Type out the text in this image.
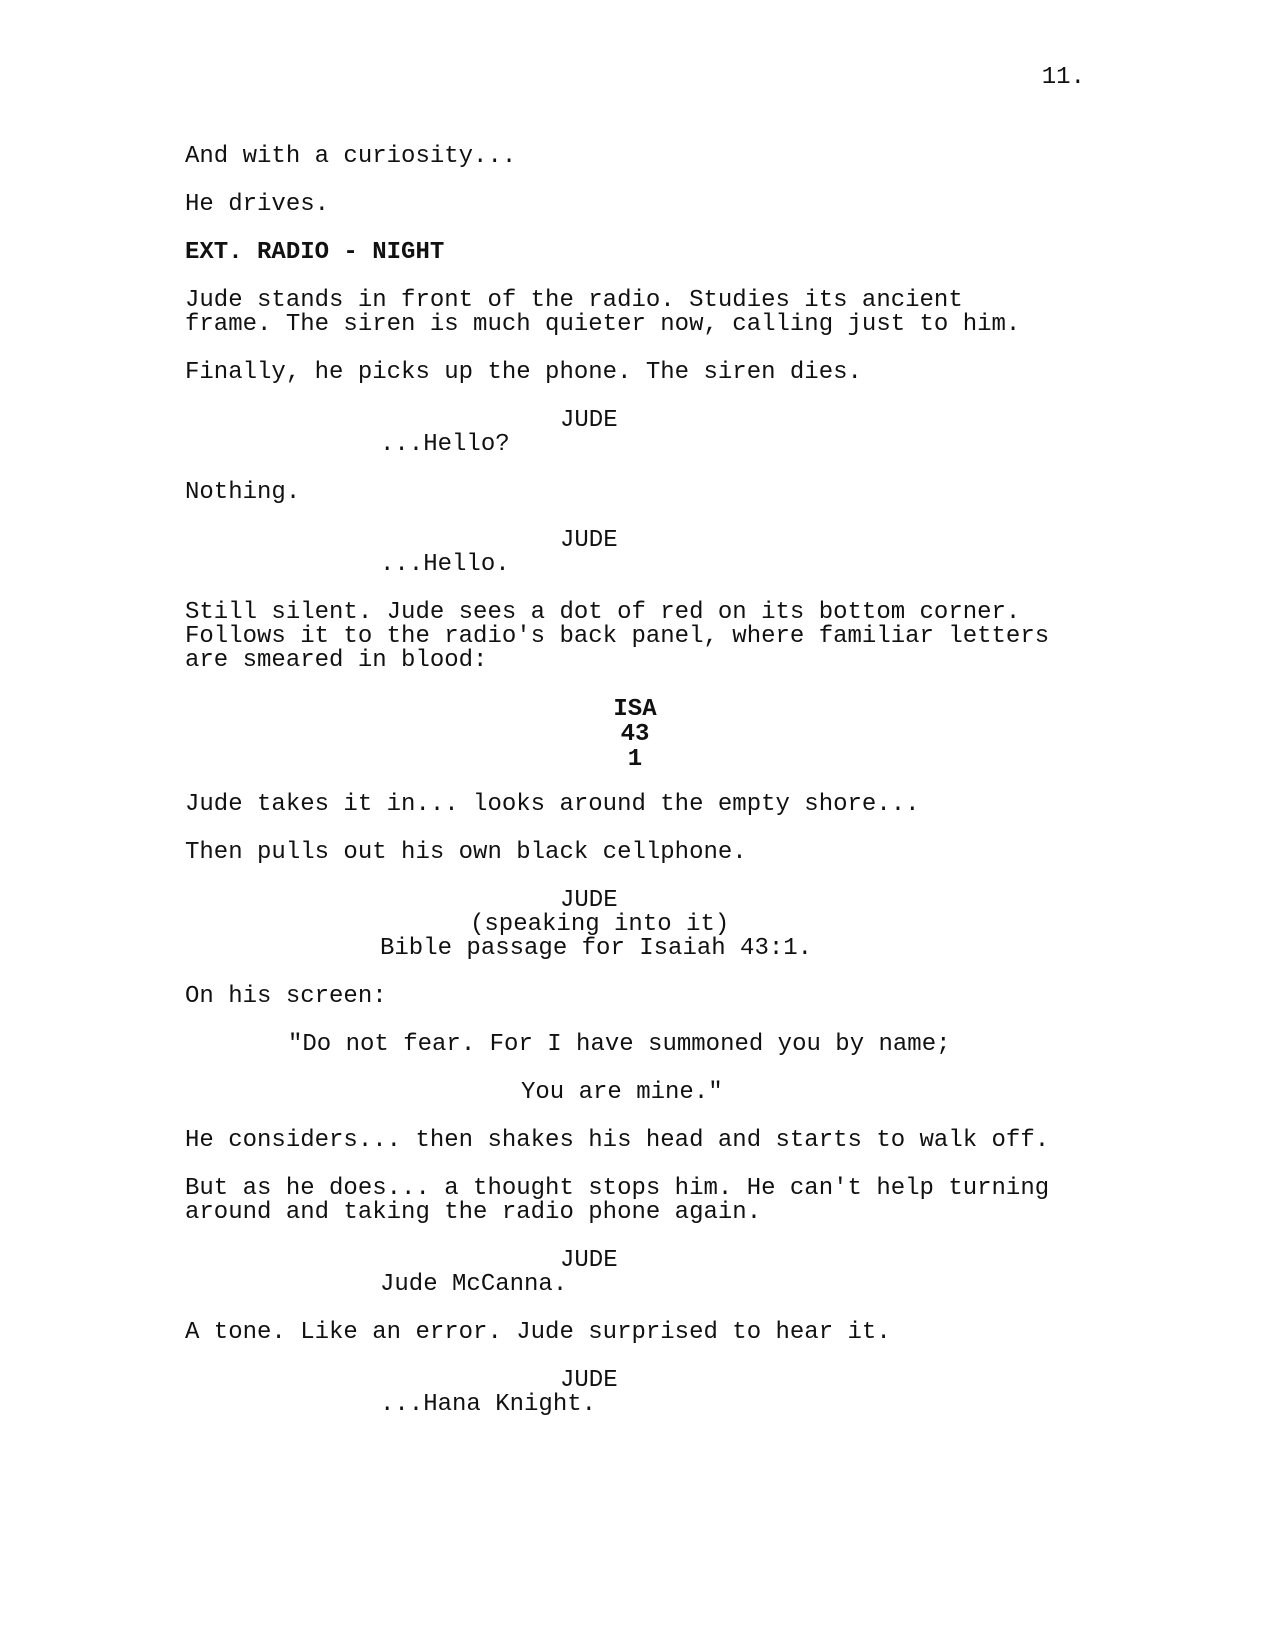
11.
And with a curiosity...
He drives.
EXT. RADIO - NIGHT
Jude stands in front of the radio. Studies its ancient
frame. The siren is much quieter now, calling just to him.
Finally, he picks up the phone. The siren dies.
JUDE
...Hello?
Nothing.
JUDE
...Hello.
Still silent. Jude sees a dot of red on its bottom corner.
Follows it to the radio's back panel, where familiar letters
are smeared in blood:
ISA
43
1
Jude takes it in... looks around the empty shore...
Then pulls out his own black cellphone.
JUDE
(speaking into it)
Bible passage for Isaiah 43:1.
On his screen:
"Do not fear. For I have summoned you by name;
You are mine."
He considers... then shakes his head and starts to walk off.
But as he does... a thought stops him. He can't help turning
around and taking the radio phone again.
JUDE
Jude McCanna.
A tone. Like an error. Jude surprised to hear it.
JUDE
...Hana Knight.
